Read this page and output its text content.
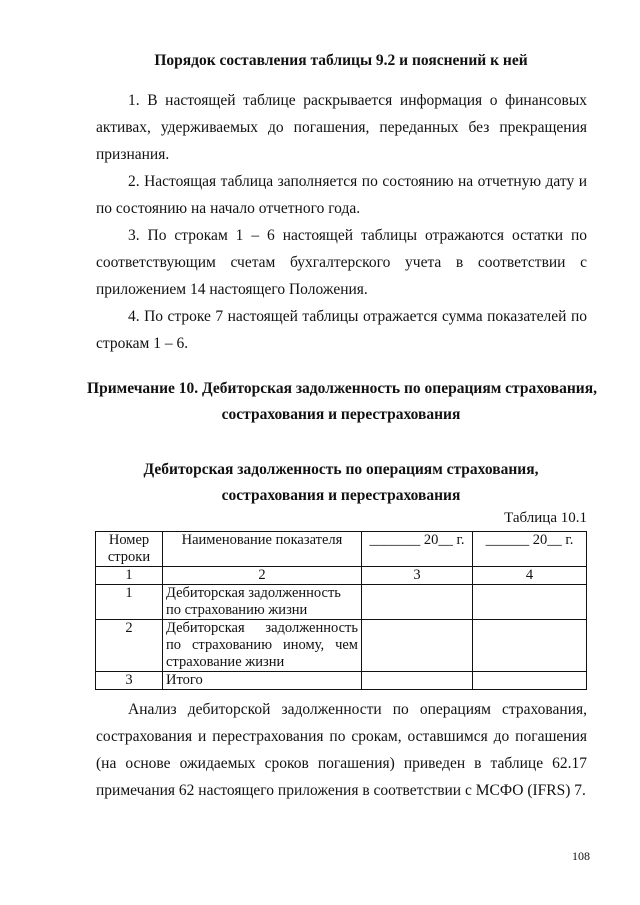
Порядок составления таблицы 9.2 и пояснений к ней
1. В настоящей таблице раскрывается информация о финансовых активах, удерживаемых до погашения, переданных без прекращения признания.
2. Настоящая таблица заполняется по состоянию на отчетную дату и по состоянию на начало отчетного года.
3. По строкам 1 – 6 настоящей таблицы отражаются остатки по соответствующим счетам бухгалтерского учета в соответствии с приложением 14 настоящего Положения.
4. По строке 7 настоящей таблицы отражается сумма показателей по строкам 1 – 6.
Примечание 10. Дебиторская задолженность по операциям страхования,
сострахования и перестрахования
Дебиторская задолженность по операциям страхования,
сострахования и перестрахования
Таблица 10.1
Номер строки	Наименование показателя	_______ 20__ г.	______ 20__ г.
1	2	3	4
1	Дебиторская задолженность по страхованию жизни		
2	Дебиторская задолженность по страхованию иному, чем страхование жизни		
3	Итого		
Анализ дебиторской задолженности по операциям страхования, сострахования и перестрахования по срокам, оставшимся до погашения (на основе ожидаемых сроков погашения) приведен в таблице 62.17 примечания 62 настоящего приложения в соответствии с МСФО (IFRS) 7.
108
